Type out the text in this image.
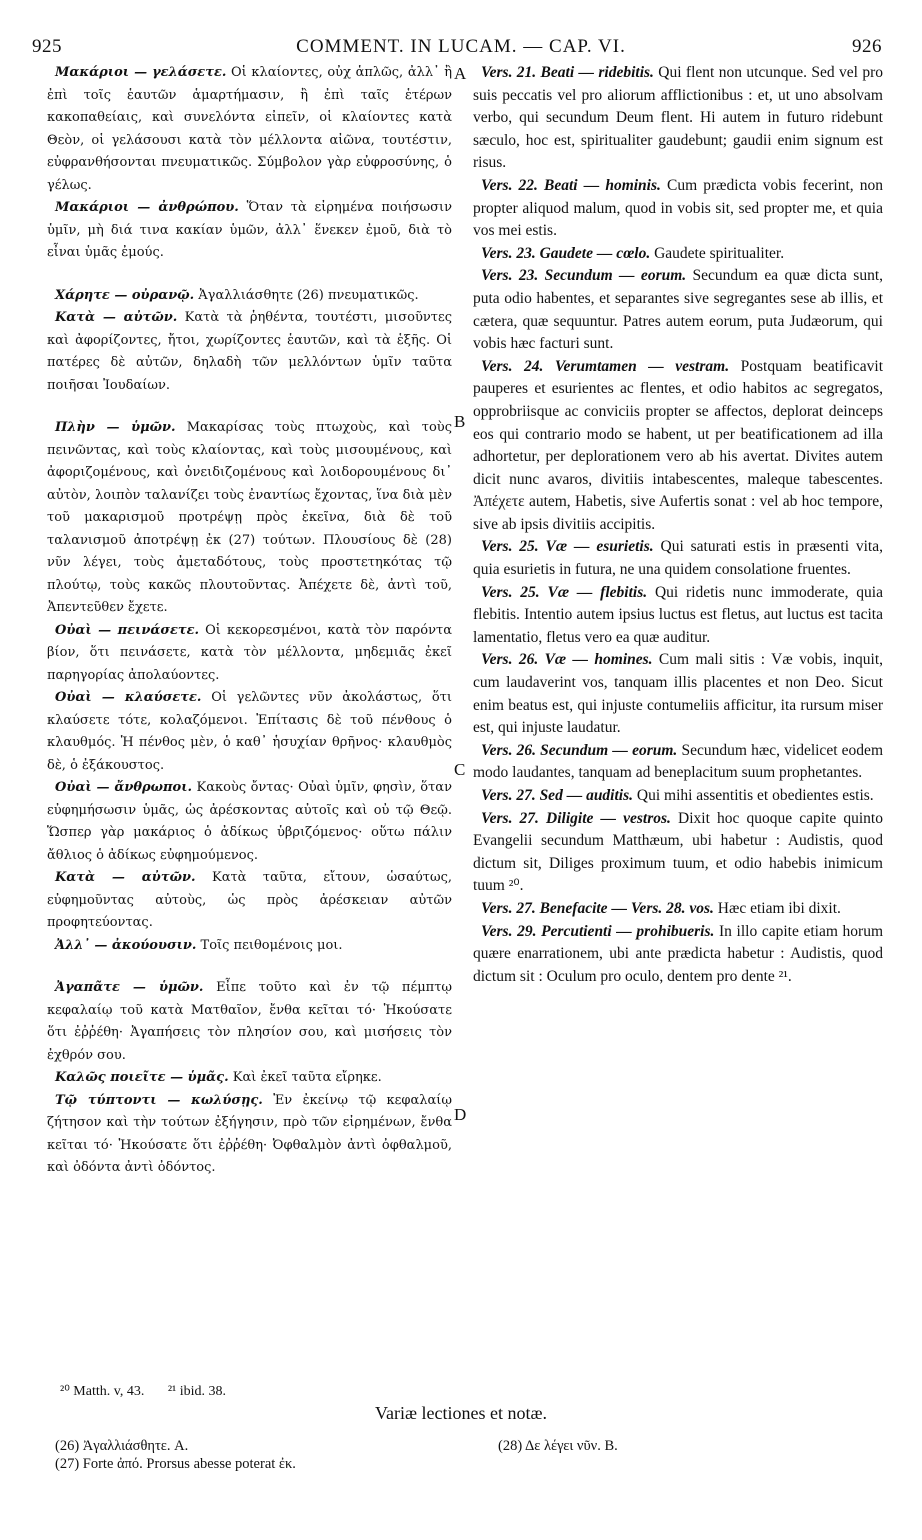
925	COMMENT. IN LUCAM. — CAP. VI.	926
A
B
C
D

Μακάριοι — γελάσετε. Οἱ κλαίοντες, οὐχ ἁπλῶς, ἀλλ᾽ ἢ ἐπὶ τοῖς ἑαυτῶν ἁμαρτήμασιν, ἢ ἐπὶ ταῖς ἑτέρων κακοπαθείαις, καὶ συνελόντα εἰπεῖν, οἱ κλαίοντες κατὰ Θεὸν, οἱ γελάσουσι κατὰ τὸν μέλλοντα αἰῶνα, τουτέστιν, εὐφρανθήσονται πνευματικῶς. Σύμβολον γὰρ εὐφροσύνης, ὁ γέλως.

Μακάριοι — ἀνθρώπου. Ὅταν τὰ εἰρημένα ποιήσωσιν ὑμῖν, μὴ διά τινα κακίαν ὑμῶν, ἀλλ᾽ ἕνεκεν ἐμοῦ, διὰ τὸ εἶναι ὑμᾶς ἐμούς.

Χάρητε — οὐρανῷ. Ἀγαλλιάσθητε (26) πνευματικῶς.

Κατὰ — αὐτῶν. Κατὰ τὰ ῥηθέντα, τουτέστι, μισοῦντες καὶ ἀφορίζοντες, ἤτοι, χωρίζοντες ἑαυτῶν, καὶ τὰ ἑξῆς. Οἱ πατέρες δὲ αὐτῶν, δηλαδὴ τῶν μελλόντων ὑμῖν ταῦτα ποιῆσαι Ἰουδαίων.

Πλὴν — ὑμῶν. Μακαρίσας τοὺς πτωχοὺς, καὶ τοὺς πεινῶντας, καὶ τοὺς κλαίοντας, καὶ τοὺς μισουμένους, καὶ ἀφοριζομένους, καὶ ὀνειδιζομένους καὶ λοιδορουμένους δι᾽ αὐτὸν, λοιπὸν ταλανίζει τοὺς ἐναντίως ἔχοντας, ἵνα διὰ μὲν τοῦ μακαρισμοῦ προτρέψῃ πρὸς ἐκεῖνα, διὰ δὲ τοῦ ταλανισμοῦ ἀποτρέψῃ ἐκ (27) τούτων. Πλουσίους δὲ (28) νῦν λέγει, τοὺς ἀμεταδότους, τοὺς προστετηκότας τῷ πλούτῳ, τοὺς κακῶς πλουτοῦντας. Ἀπέχετε δὲ, ἀντὶ τοῦ, Ἀπεντεῦθεν ἔχετε.

Οὐαὶ — πεινάσετε. Οἱ κεκορεσμένοι, κατὰ τὸν παρόντα βίον, ὅτι πεινάσετε, κατὰ τὸν μέλλοντα, μηδεμιᾶς ἐκεῖ παρηγορίας ἀπολαύοντες.

Οὐαὶ — κλαύσετε. Οἱ γελῶντες νῦν ἀκολάστως, ὅτι κλαύσετε τότε, κολαζόμενοι. Ἐπίτασις δὲ τοῦ πένθους ὁ κλαυθμός. Ἡ πένθος μὲν, ὁ καθ᾽ ἡσυχίαν θρῆνος· κλαυθμὸς δὲ, ὁ ἐξάκουστος.

Οὐαὶ — ἄνθρωποι. Κακοὺς ὄντας· Οὐαὶ ὑμῖν, φησὶν, ὅταν εὐφημήσωσιν ὑμᾶς, ὡς ἀρέσκοντας αὐτοῖς καὶ οὐ τῷ Θεῷ. Ὥσπερ γὰρ μακάριος ὁ ἀδίκως ὑβριζόμενος· οὕτω πάλιν ἄθλιος ὁ ἀδίκως εὐφημούμενος.

Κατὰ — αὐτῶν. Κατὰ ταῦτα, εἴτουν, ὡσαύτως, εὐφημοῦντας αὐτοὺς, ὡς πρὸς ἀρέσκειαν αὐτῶν προφητεύοντας.

Ἀλλ᾽ — ἀκούουσιν. Τοῖς πειθομένοις μοι.

Ἀγαπᾶτε — ὑμῶν. Εἶπε τοῦτο καὶ ἐν τῷ πέμπτῳ κεφαλαίῳ τοῦ κατὰ Ματθαῖον, ἔνθα κεῖται τό· Ἠκούσατε ὅτι ἐῤῥέθη· Ἀγαπήσεις τὸν πλησίον σου, καὶ μισήσεις τὸν ἐχθρόν σου.

Καλῶς ποιεῖτε — ὑμᾶς. Καὶ ἐκεῖ ταῦτα εἴρηκε.

Τῷ τύπτοντι — κωλύσῃς. Ἐν ἐκείνῳ τῷ κεφαλαίῳ ζήτησον καὶ τὴν τούτων ἐξήγησιν, πρὸ τῶν εἰρημένων, ἔνθα κεῖται τό· Ἠκούσατε ὅτι ἐῤῥέθη· Ὀφθαλμὸν ἀντὶ ὀφθαλμοῦ, καὶ ὀδόντα ἀντὶ ὀδόντος.

Vers. 21. Beati — ridebitis. Qui flent non utcunque. Sed vel pro suis peccatis vel pro aliorum afflictionibus : et, ut uno absolvam verbo, qui secundum Deum flent. Hi autem in futuro ridebunt sæculo, hoc est, spiritualiter gaudebunt; gaudii enim signum est risus.

Vers. 22. Beati — hominis. Cum prædicta vobis fecerint, non propter aliquod malum, quod in vobis sit, sed propter me, et quia vos mei estis.

Vers. 23. Gaudete — cœlo. Gaudete spiritualiter.

Vers. 23. Secundum — eorum. Secundum ea quæ dicta sunt, puta odio habentes, et separantes sive segregantes sese ab illis, et cætera, quæ sequuntur. Patres autem eorum, puta Judæorum, qui vobis hæc facturi sunt.

Vers. 24. Verumtamen — vestram. Postquam beatificavit pauperes et esurientes ac flentes, et odio habitos ac segregatos, opprobriisque ac conviciis propter se affectos, deplorat deinceps eos qui contrario modo se habent, ut per beatificationem ad illa adhortetur, per deplorationem vero ab his avertat. Divites autem dicit nunc avaros, divitiis intabescentes, maleque tabescentes. Ἀπέχετε autem, Habetis, sive Aufertis sonat : vel ab hoc tempore, sive ab ipsis divitiis accipitis.

Vers. 25. Væ — esurietis. Qui saturati estis in præsenti vita, quia esurietis in futura, ne una quidem consolatione fruentes.

Vers. 25. Væ — flebitis. Qui ridetis nunc immoderate, quia flebitis. Intentio autem ipsius luctus est fletus, aut luctus est tacita lamentatio, fletus vero ea quæ auditur.

Vers. 26. Væ — homines. Cum mali sitis : Væ vobis, inquit, cum laudaverint vos, tanquam illis placentes et non Deo. Sicut enim beatus est, qui injuste contumeliis afficitur, ita rursum miser est, qui injuste laudatur.

Vers. 26. Secundum — eorum. Secundum hæc, videlicet eodem modo laudantes, tanquam ad beneplacitum suum prophetantes.

Vers. 27. Sed — auditis. Qui mihi assentitis et obedientes estis.

Vers. 27. Diligite — vestros. Dixit hoc quoque capite quinto Evangelii secundum Matthæum, ubi habetur : Audistis, quod dictum sit, Diliges proximum tuum, et odio habebis inimicum tuum ²⁰.

Vers. 27. Benefacite — Vers. 28. vos. Hæc etiam ibi dixit.

Vers. 29. Percutienti — prohibueris. In illo capite etiam horum quære enarrationem, ubi ante prædicta habetur : Audistis, quod dictum sit : Oculum pro oculo, dentem pro dente ²¹.

²⁰ Matth. v, 43. ²¹ ibid. 38.
Variæ lectiones et notæ.
(26) Ἀγαλλιάσθητε. A.
(27) Forte ἀπό. Prorsus abesse poterat ἐκ.
(28) Δε λέγει νῦν. B.
